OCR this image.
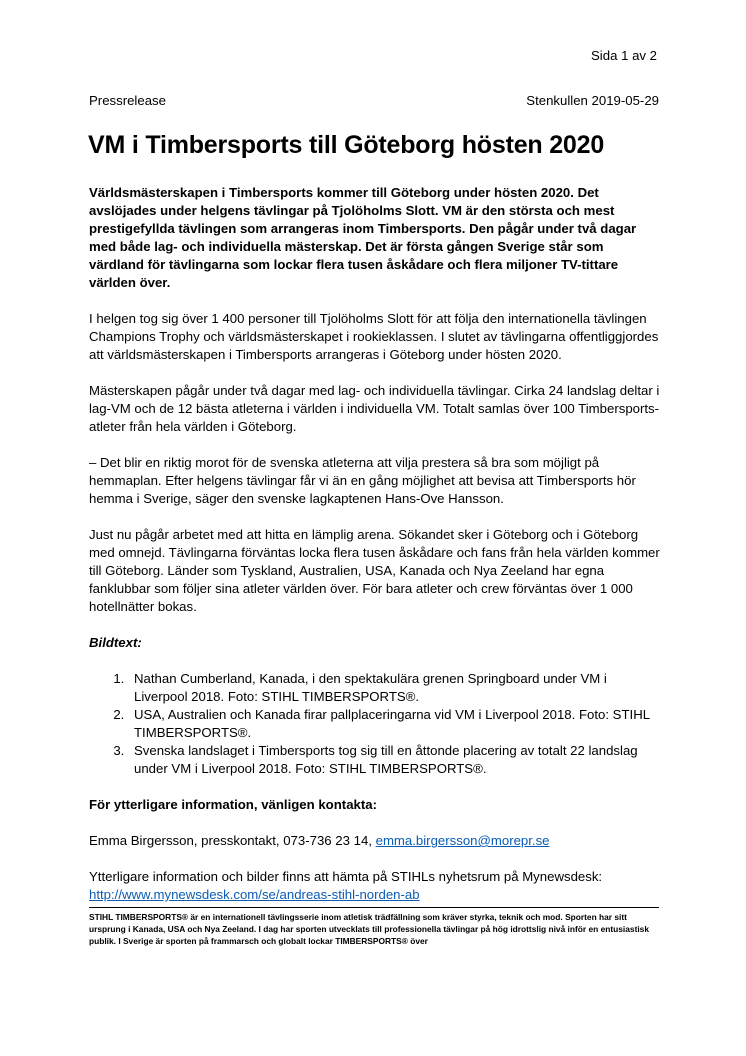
Sida 1 av 2
Pressrelease	Stenkullen 2019-05-29
VM i Timbersports till Göteborg hösten 2020

Världsmästerskapen i Timbersports kommer till Göteborg under hösten 2020. Det avslöjades under helgens tävlingar på Tjolöholms Slott. VM är den största och mest prestigefyllda tävlingen som arrangeras inom Timbersports. Den pågår under två dagar med både lag- och individuella mästerskap. Det är första gången Sverige står som värdland för tävlingarna som lockar flera tusen åskådare och flera miljoner TV-tittare världen över.

I helgen tog sig över 1 400 personer till Tjolöholms Slott för att följa den internationella tävlingen Champions Trophy och världsmästerskapet i rookieklassen. I slutet av tävlingarna offentliggjordes att världsmästerskapen i Timbersports arrangeras i Göteborg under hösten 2020.

Mästerskapen pågår under två dagar med lag- och individuella tävlingar. Cirka 24 landslag deltar i lag-VM och de 12 bästa atleterna i världen i individuella VM. Totalt samlas över 100 Timbersports-atleter från hela världen i Göteborg.

– Det blir en riktig morot för de svenska atleterna att vilja prestera så bra som möjligt på hemmaplan. Efter helgens tävlingar får vi än en gång möjlighet att bevisa att Timbersports hör hemma i Sverige, säger den svenske lagkaptenen Hans-Ove Hansson.

Just nu pågår arbetet med att hitta en lämplig arena. Sökandet sker i Göteborg och i Göteborg med omnejd. Tävlingarna förväntas locka flera tusen åskådare och fans från hela världen kommer till Göteborg. Länder som Tyskland, Australien, USA, Kanada och Nya Zeeland har egna fanklubbar som följer sina atleter världen över. För bara atleter och crew förväntas över 1 000 hotellnätter bokas.

Bildtext:

1. Nathan Cumberland, Kanada, i den spektakulära grenen Springboard under VM i Liverpool 2018. Foto: STIHL TIMBERSPORTS®.
2. USA, Australien och Kanada firar pallplaceringarna vid VM i Liverpool 2018. Foto: STIHL TIMBERSPORTS®.
3. Svenska landslaget i Timbersports tog sig till en åttonde placering av totalt 22 landslag under VM i Liverpool 2018. Foto: STIHL TIMBERSPORTS®.

För ytterligare information, vänligen kontakta:

Emma Birgersson, presskontakt, 073-736 23 14, emma.birgersson@morepr.se

Ytterligare information och bilder finns att hämta på STIHLs nyhetsrum på Mynewsdesk:

http://www.mynewsdesk.com/se/andreas-stihl-norden-ab

STIHL TIMBERSPORTS® är en internationell tävlingsserie inom atletisk trädfällning som kräver styrka, teknik och mod. Sporten har sitt ursprung i Kanada, USA och Nya Zeeland. I dag har sporten utvecklats till professionella tävlingar på hög idrottslig nivå inför en entusiastisk publik. I Sverige är sporten på frammarsch och globalt lockar TIMBERSPORTS® över
